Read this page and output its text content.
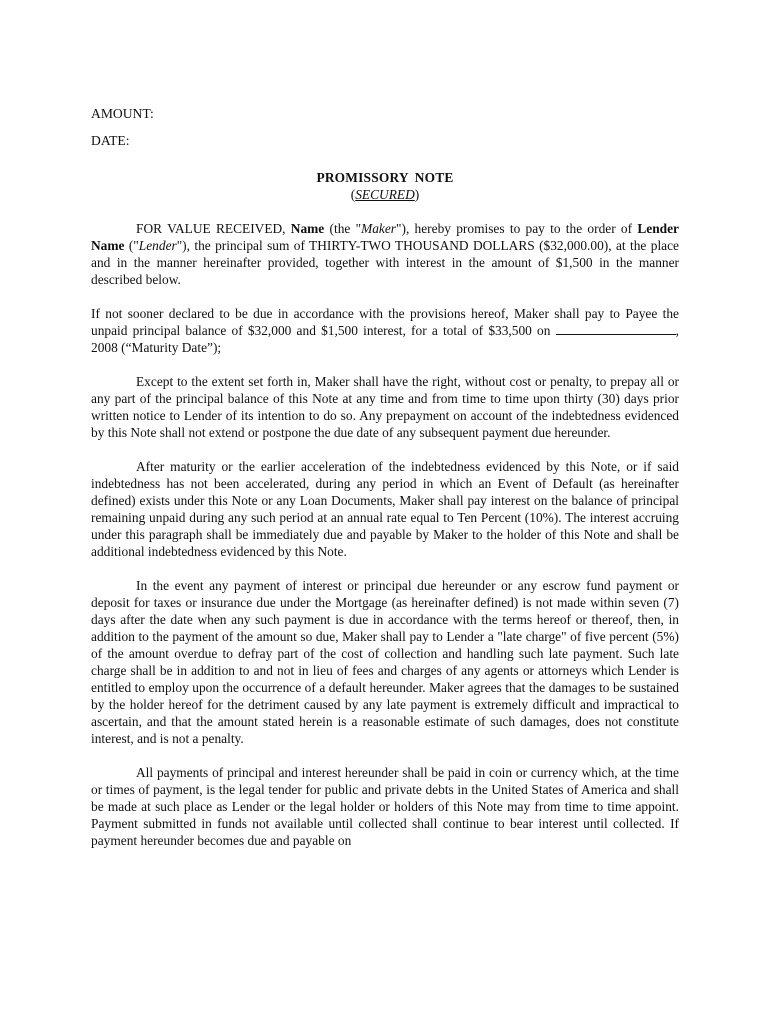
AMOUNT:
DATE:
PROMISSORY NOTE
(SECURED)

FOR VALUE RECEIVED, Name (the "Maker"), hereby promises to pay to the order of Lender Name ("Lender"), the principal sum of THIRTY-TWO THOUSAND DOLLARS ($32,000.00), at the place and in the manner hereinafter provided, together with interest in the amount of $1,500 in the manner described below.

If not sooner declared to be due in accordance with the provisions hereof, Maker shall pay to Payee the unpaid principal balance of $32,000 and $1,500 interest, for a total of $33,500 on	, 2008 (“Maturity Date”);

Except to the extent set forth in, Maker shall have the right, without cost or penalty, to prepay all or any part of the principal balance of this Note at any time and from time to time upon thirty (30) days prior written notice to Lender of its intention to do so. Any prepayment on account of the indebtedness evidenced by this Note shall not extend or postpone the due date of any subsequent payment due hereunder.

After maturity or the earlier acceleration of the indebtedness evidenced by this Note, or if said indebtedness has not been accelerated, during any period in which an Event of Default (as hereinafter defined) exists under this Note or any Loan Documents, Maker shall pay interest on the balance of principal remaining unpaid during any such period at an annual rate equal to Ten Percent (10%). The interest accruing under this paragraph shall be immediately due and payable by Maker to the holder of this Note and shall be additional indebtedness evidenced by this Note.

In the event any payment of interest or principal due hereunder or any escrow fund payment or deposit for taxes or insurance due under the Mortgage (as hereinafter defined) is not made within seven (7) days after the date when any such payment is due in accordance with the terms hereof or thereof, then, in addition to the payment of the amount so due, Maker shall pay to Lender a "late charge" of five percent (5%) of the amount overdue to defray part of the cost of collection and handling such late payment. Such late charge shall be in addition to and not in lieu of fees and charges of any agents or attorneys which Lender is entitled to employ upon the occurrence of a default hereunder. Maker agrees that the damages to be sustained by the holder hereof for the detriment caused by any late payment is extremely difficult and impractical to ascertain, and that the amount stated herein is a reasonable estimate of such damages, does not constitute interest, and is not a penalty.

All payments of principal and interest hereunder shall be paid in coin or currency which, at the time or times of payment, is the legal tender for public and private debts in the United States of America and shall be made at such place as Lender or the legal holder or holders of this Note may from time to time appoint. Payment submitted in funds not available until collected shall continue to bear interest until collected. If payment hereunder becomes due and payable on
